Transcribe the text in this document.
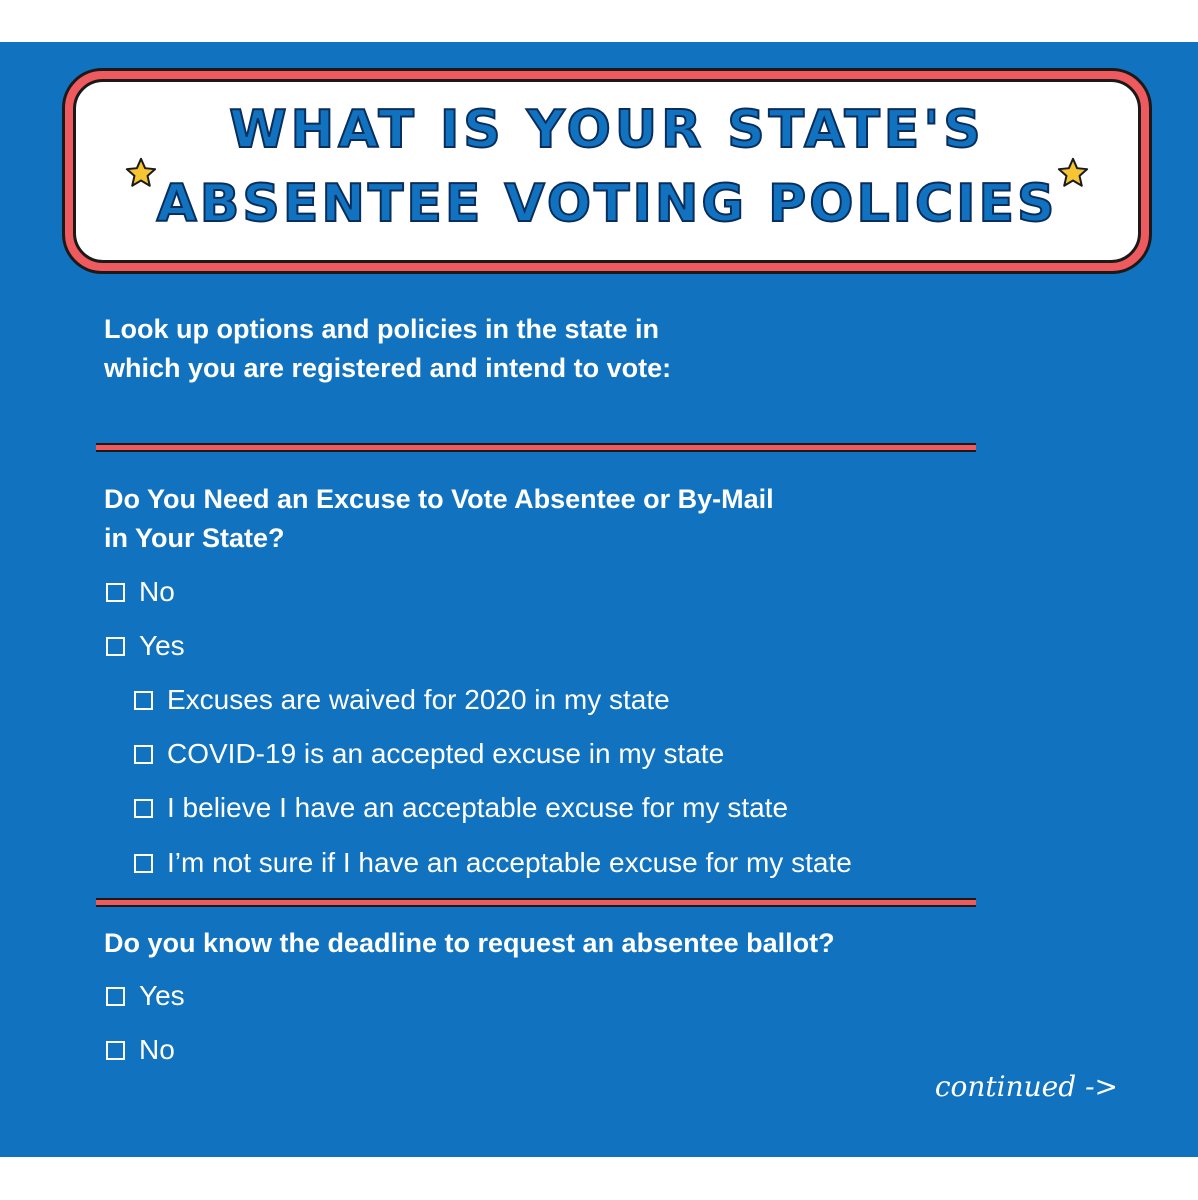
WHAT IS YOUR STATE'S
ABSENTEE VOTING POLICIES
Look up options and policies in the state in which you are registered and intend to vote:
Do You Need an Excuse to Vote Absentee or By-Mail in Your State?
No
Yes
Excuses are waived for 2020 in my state
COVID-19 is an accepted excuse in my state
I believe I have an acceptable excuse for my state
I’m not sure if I have an acceptable excuse for my state
Do you know the deadline to request an absentee ballot?
Yes
No
continued ->
